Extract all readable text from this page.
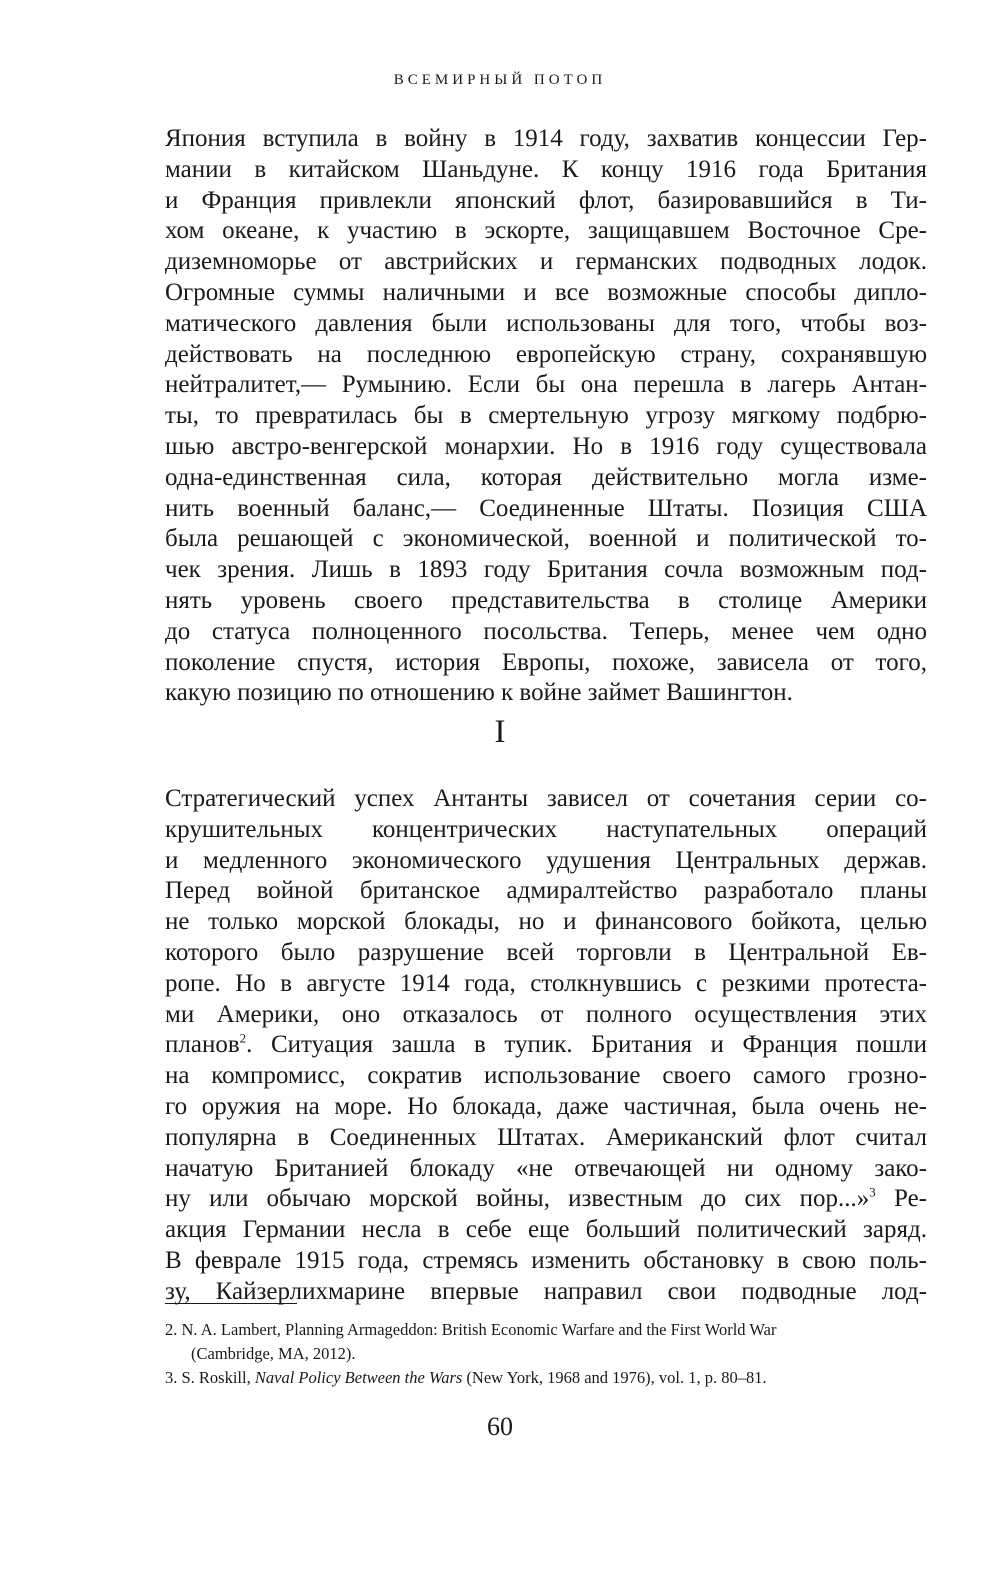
ВСЕМИРНЫЙ ПОТОП
Япония вступила в войну в 1914 году, захватив концессии Гер-
мании в китайском Шаньдуне. К концу 1916 года Британия
и Франция привлекли японский флот, базировавшийся в Ти-
хом океане, к участию в эскорте, защищавшем Восточное Сре-
диземноморье от австрийских и германских подводных лодок.
Огромные суммы наличными и все возможные способы дипло-
матического давления были использованы для того, чтобы воз-
действовать на последнюю европейскую страну, сохранявшую
нейтралитет,— Румынию. Если бы она перешла в лагерь Антан-
ты, то превратилась бы в смертельную угрозу мягкому подбрю-
шью австро-венгерской монархии. Но в 1916 году существовала
одна-единственная сила, которая действительно могла изме-
нить военный баланс,— Соединенные Штаты. Позиция США
была решающей с экономической, военной и политической то-
чек зрения. Лишь в 1893 году Британия сочла возможным под-
нять уровень своего представительства в столице Америки
до статуса полноценного посольства. Теперь, менее чем одно
поколение спустя, история Европы, похоже, зависела от того,
какую позицию по отношению к войне займет Вашингтон.
I
Стратегический успех Антанты зависел от сочетания серии со-
крушительных концентрических наступательных операций
и медленного экономического удушения Центральных держав.
Перед войной британское адмиралтейство разработало планы
не только морской блокады, но и финансового бойкота, целью
которого было разрушение всей торговли в Центральной Ев-
ропе. Но в августе 1914 года, столкнувшись с резкими протеста-
ми Америки, оно отказалось от полного осуществления этих
планов$^2$. Ситуация зашла в тупик. Британия и Франция пошли
на компромисс, сократив использование своего самого грозно-
го оружия на море. Но блокада, даже частичная, была очень не-
популярна в Соединенных Штатах. Американский флот считал
начатую Британией блокаду «не отвечающей ни одному зако-
ну или обычаю морской войны, известным до сих пор...»$^3$ Ре-
акция Германии несла в себе еще больший политический заряд.
В феврале 1915 года, стремясь изменить обстановку в свою поль-
зу, Кайзерлихмарине впервые направил свои подводные лод-
2. N. A. Lambert, Planning Armageddon: British Economic Warfare and the First World War
(Cambridge, MA, 2012).
3. S. Roskill, Naval Policy Between the Wars (New York, 1968 and 1976), vol. 1, p. 80–81.
60
